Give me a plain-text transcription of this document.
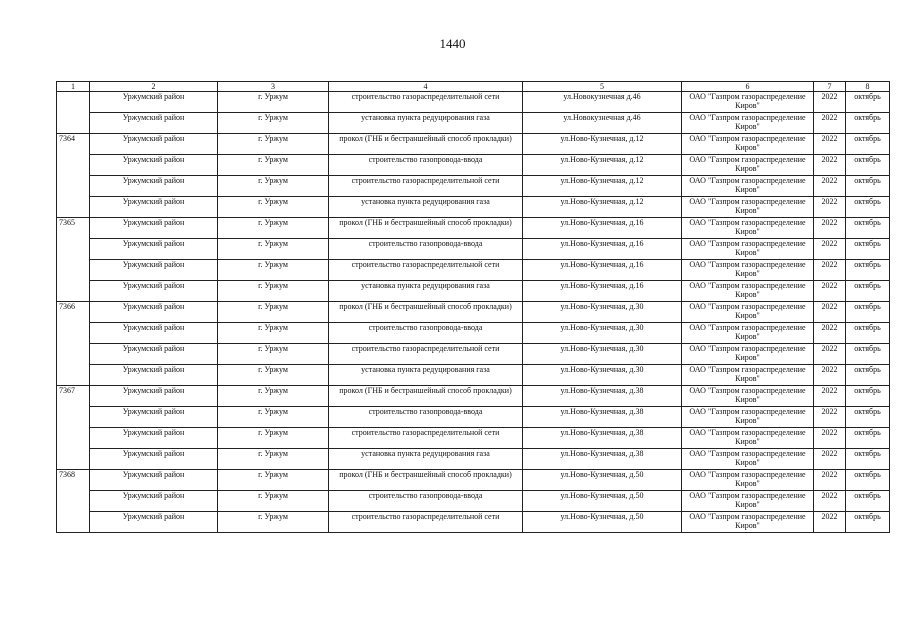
1440
1	2	3	4	5	6	7	8
	Уржумский район	г. Уржум	строительство газораспределительной сети	ул.Новокузнечная д.46	ОАО "Газпром газораспределение Киров"	2022	октябрь
	Уржумский район	г. Уржум	установка пункта редуцирования газа	ул.Новокузнечная д.46	ОАО "Газпром газораспределение Киров"	2022	октябрь
7364	Уржумский район	г. Уржум	прокол (ГНБ и бестраншейный способ прокладки)	ул.Ново-Кузнечная, д.12	ОАО "Газпром газораспределение Киров"	2022	октябрь
	Уржумский район	г. Уржум	строительство газопровода-ввода	ул.Ново-Кузнечная, д.12	ОАО "Газпром газораспределение Киров"	2022	октябрь
	Уржумский район	г. Уржум	строительство газораспределительной сети	ул.Ново-Кузнечная, д.12	ОАО "Газпром газораспределение Киров"	2022	октябрь
	Уржумский район	г. Уржум	установка пункта редуцирования газа	ул.Ново-Кузнечная, д.12	ОАО "Газпром газораспределение Киров"	2022	октябрь
7365	Уржумский район	г. Уржум	прокол (ГНБ и бестраншейный способ прокладки)	ул.Ново-Кузнечная, д.16	ОАО "Газпром газораспределение Киров"	2022	октябрь
	Уржумский район	г. Уржум	строительство газопровода-ввода	ул.Ново-Кузнечная, д.16	ОАО "Газпром газораспределение Киров"	2022	октябрь
	Уржумский район	г. Уржум	строительство газораспределительной сети	ул.Ново-Кузнечная, д.16	ОАО "Газпром газораспределение Киров"	2022	октябрь
	Уржумский район	г. Уржум	установка пункта редуцирования газа	ул.Ново-Кузнечная, д.16	ОАО "Газпром газораспределение Киров"	2022	октябрь
7366	Уржумский район	г. Уржум	прокол (ГНБ и бестраншейный способ прокладки)	ул.Ново-Кузнечная, д.30	ОАО "Газпром газораспределение Киров"	2022	октябрь
	Уржумский район	г. Уржум	строительство газопровода-ввода	ул.Ново-Кузнечная, д.30	ОАО "Газпром газораспределение Киров"	2022	октябрь
	Уржумский район	г. Уржум	строительство газораспределительной сети	ул.Ново-Кузнечная, д.30	ОАО "Газпром газораспределение Киров"	2022	октябрь
	Уржумский район	г. Уржум	установка пункта редуцирования газа	ул.Ново-Кузнечная, д.30	ОАО "Газпром газораспределение Киров"	2022	октябрь
7367	Уржумский район	г. Уржум	прокол (ГНБ и бестраншейный способ прокладки)	ул.Ново-Кузнечная, д.38	ОАО "Газпром газораспределение Киров"	2022	октябрь
	Уржумский район	г. Уржум	строительство газопровода-ввода	ул.Ново-Кузнечная, д.38	ОАО "Газпром газораспределение Киров"	2022	октябрь
	Уржумский район	г. Уржум	строительство газораспределительной сети	ул.Ново-Кузнечная, д.38	ОАО "Газпром газораспределение Киров"	2022	октябрь
	Уржумский район	г. Уржум	установка пункта редуцирования газа	ул.Ново-Кузнечная, д.38	ОАО "Газпром газораспределение Киров"	2022	октябрь
7368	Уржумский район	г. Уржум	прокол (ГНБ и бестраншейный способ прокладки)	ул.Ново-Кузнечная, д.50	ОАО "Газпром газораспределение Киров"	2022	октябрь
	Уржумский район	г. Уржум	строительство газопровода-ввода	ул.Ново-Кузнечная, д.50	ОАО "Газпром газораспределение Киров"	2022	октябрь
	Уржумский район	г. Уржум	строительство газораспределительной сети	ул.Ново-Кузнечная, д.50	ОАО "Газпром газораспределение Киров"	2022	октябрь
